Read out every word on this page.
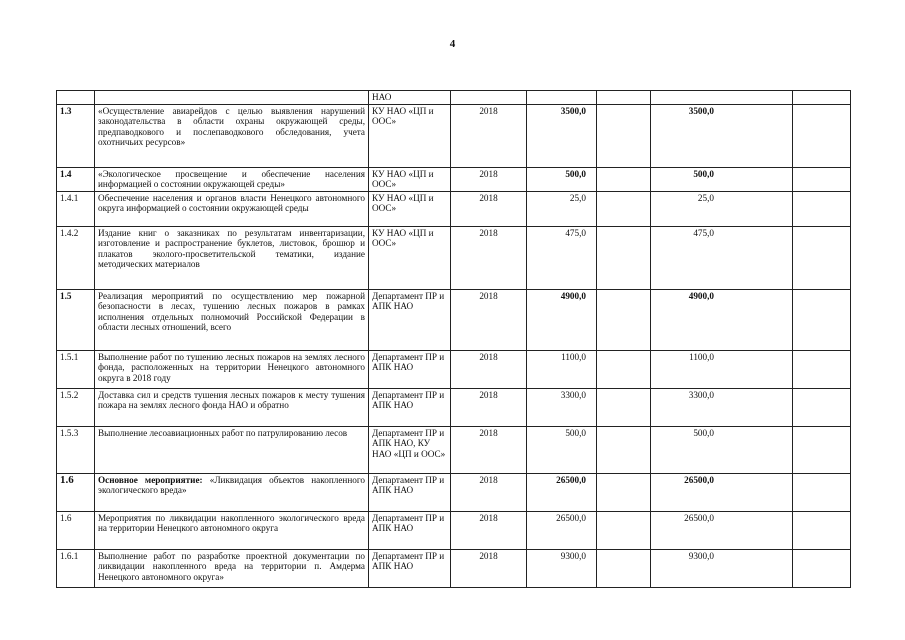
4
		НАО					
1.3	«Осуществление авиарейдов с целью выявления нарушений законодательства в области охраны окружающей среды, предпаводкового и послепаводкового обследования, учета охотничьих ресурсов»	КУ НАО «ЦП и ООС»	2018	3500,0		3500,0	
1.4	«Экологическое просвещение и обеспечение населения информацией о состоянии окружающей среды»	КУ НАО «ЦП и ООС»	2018	500,0		500,0	
1.4.1	Обеспечение населения и органов власти Ненецкого автономного округа информацией о состоянии окружающей среды	КУ НАО «ЦП и ООС»	2018	25,0		25,0	
1.4.2	Издание книг о заказниках по результатам инвентаризации, изготовление и распространение буклетов, листовок, брошюр и плакатов эколого-просветительской тематики, издание методических материалов	КУ НАО «ЦП и ООС»	2018	475,0		475,0	
1.5	Реализация мероприятий по осуществлению мер пожарной безопасности в лесах, тушению лесных пожаров в рамках исполнения отдельных полномочий Российской Федерации в области лесных отношений, всего	Департамент ПР и АПК НАО	2018	4900,0		4900,0	
1.5.1	Выполнение работ по тушению лесных пожаров на землях лесного фонда, расположенных на территории Ненецкого автономного округа в 2018 году	Департамент ПР и АПК НАО	2018	1100,0		1100,0	
1.5.2	Доставка сил и средств тушения лесных пожаров к месту тушения пожара на землях лесного фонда НАО и обратно	Департамент ПР и АПК НАО	2018	3300,0		3300,0	
1.5.3	Выполнение лесоавиационных работ по патрулированию лесов	Департамент ПР и АПК НАО, КУ НАО «ЦП и ООС»	2018	500,0		500,0	
1.6	Основное мероприятие: «Ликвидация объектов накопленного экологического вреда»	Департамент ПР и АПК НАО	2018	26500,0		26500,0	
1.6	Мероприятия по ликвидации накопленного экологического вреда на территории Ненецкого автономного округа	Департамент ПР и АПК НАО	2018	26500,0		26500,0	
1.6.1	Выполнение работ по разработке проектной документации по ликвидации накопленного вреда на территории п. Амдерма Ненецкого автономного округа»	Департамент ПР и АПК НАО	2018	9300,0		9300,0	
